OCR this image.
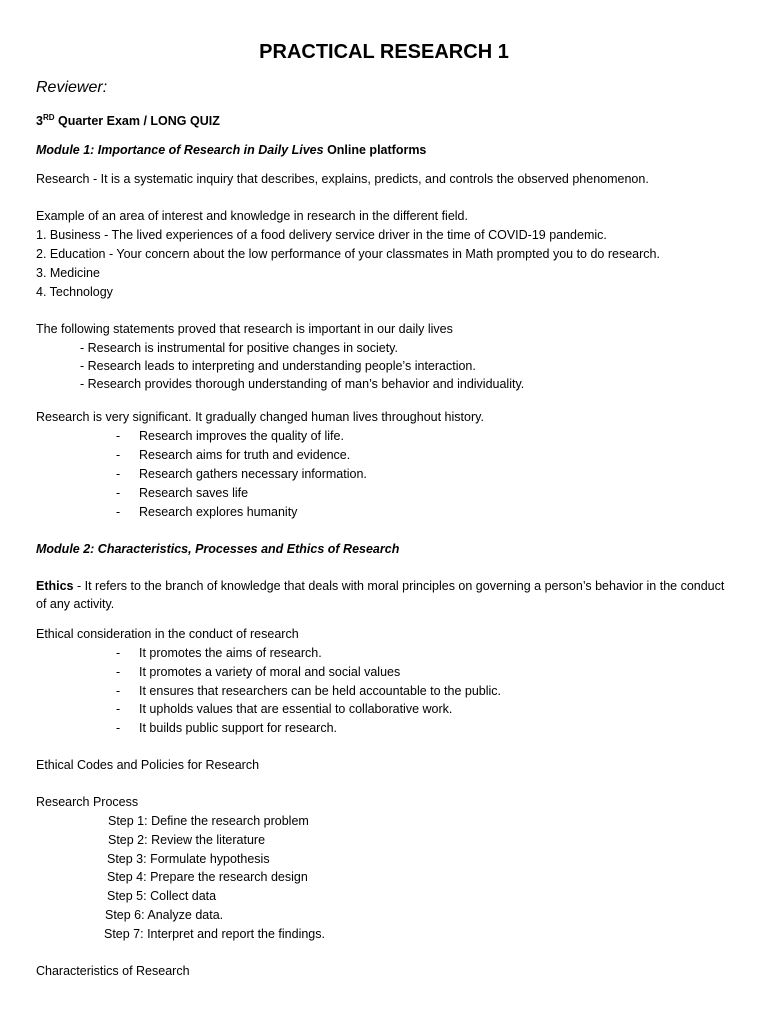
PRACTICAL RESEARCH 1
Reviewer:
3RD Quarter Exam / LONG QUIZ
Module 1: Importance of Research in Daily Lives Online platforms
Research - It is a systematic inquiry that describes, explains, predicts, and controls the observed phenomenon.
Example of an area of interest and knowledge in research in the different field.
1. Business - The lived experiences of a food delivery service driver in the time of COVID-19 pandemic.
2. Education - Your concern about the low performance of your classmates in Math prompted you to do research.
3. Medicine
4. Technology
The following statements proved that research is important in our daily lives
- Research is instrumental for positive changes in society.
- Research leads to interpreting and understanding people’s interaction.
- Research provides thorough understanding of man’s behavior and individuality.
Research is very significant. It gradually changed human lives throughout history.
- Research improves the quality of life.
- Research aims for truth and evidence.
- Research gathers necessary information.
- Research saves life
- Research explores humanity
Module 2: Characteristics, Processes and Ethics of Research
Ethics - It refers to the branch of knowledge that deals with moral principles on governing a person’s behavior in the conduct of any activity.
Ethical consideration in the conduct of research
- It promotes the aims of research.
- It promotes a variety of moral and social values
- It ensures that researchers can be held accountable to the public.
- It upholds values that are essential to collaborative work.
- It builds public support for research.
Ethical Codes and Policies for Research
Research Process
Step 1: Define the research problem
Step 2: Review the literature
Step 3: Formulate hypothesis
Step 4: Prepare the research design
Step 5: Collect data
Step 6: Analyze data.
Step 7: Interpret and report the findings.
Characteristics of Research
